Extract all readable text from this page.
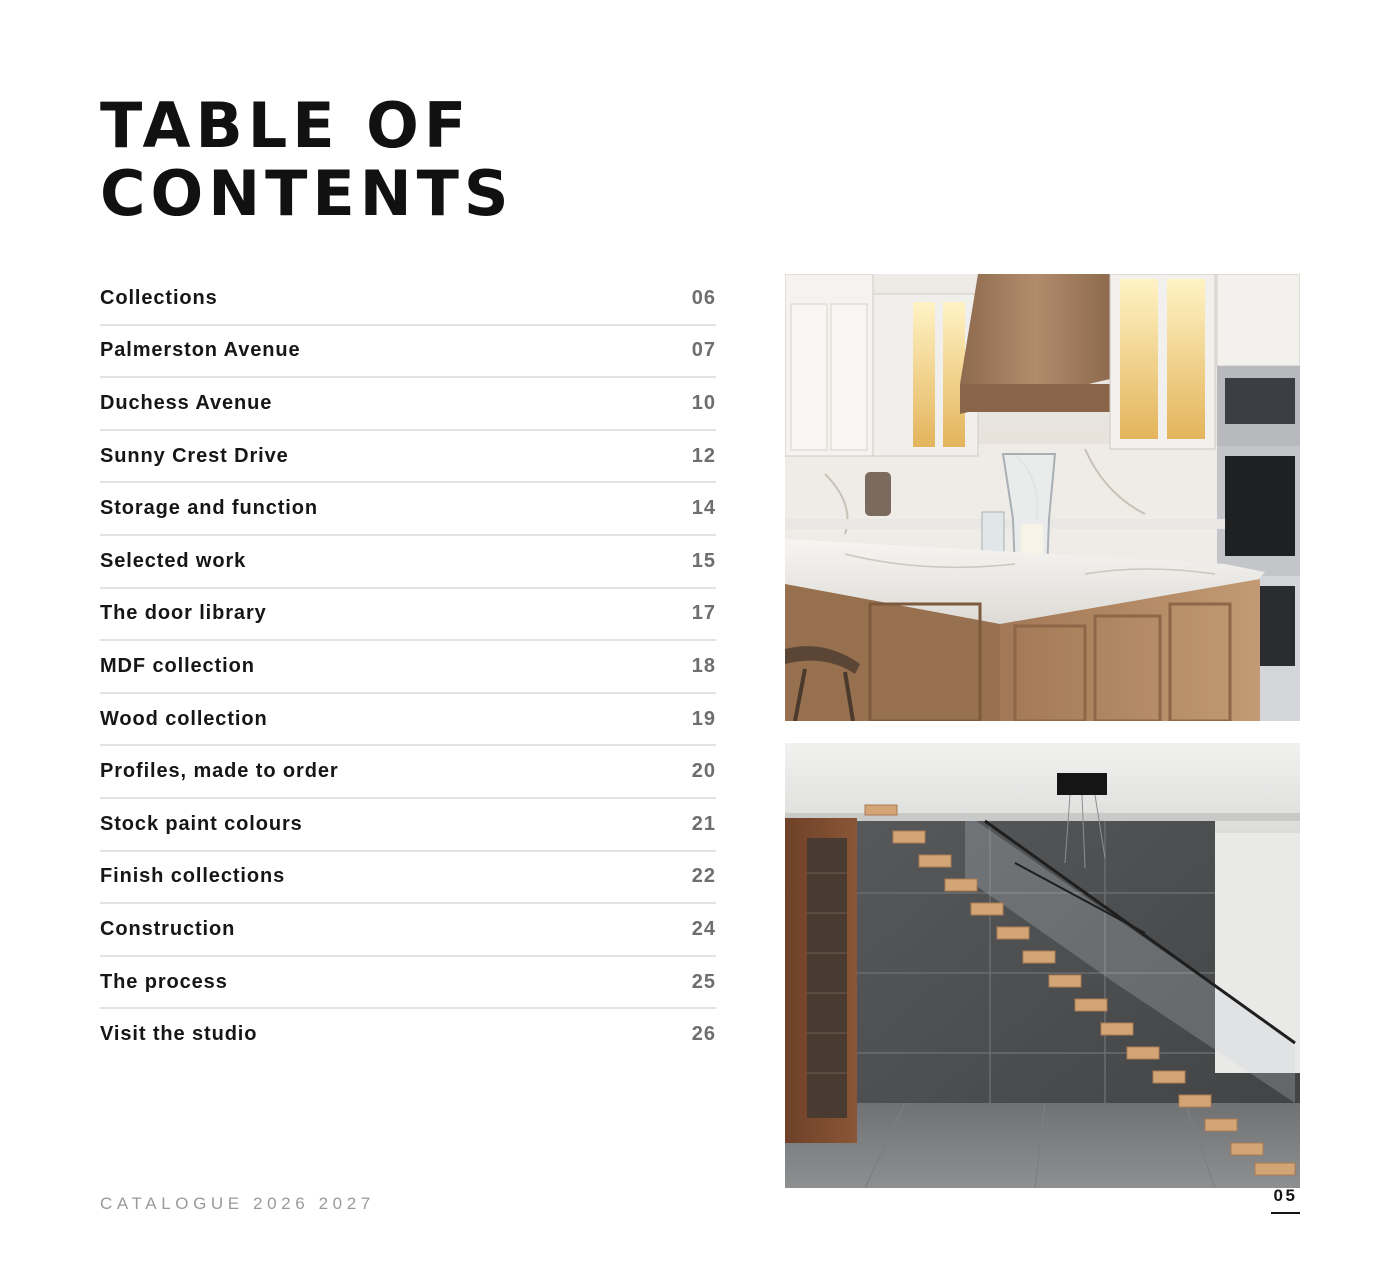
TABLE OF
CONTENTS
Collections	06
Palmerston Avenue	07
Duchess Avenue	10
Sunny Crest Drive	12
Storage and function	14
Selected work	15
The door library	17
MDF collection	18
Wood collection	19
Profiles, made to order	20
Stock paint colours	21
Finish collections	22
Construction	24
The process	25
Visit the studio	26
CATALOGUE 2026 2027	05
